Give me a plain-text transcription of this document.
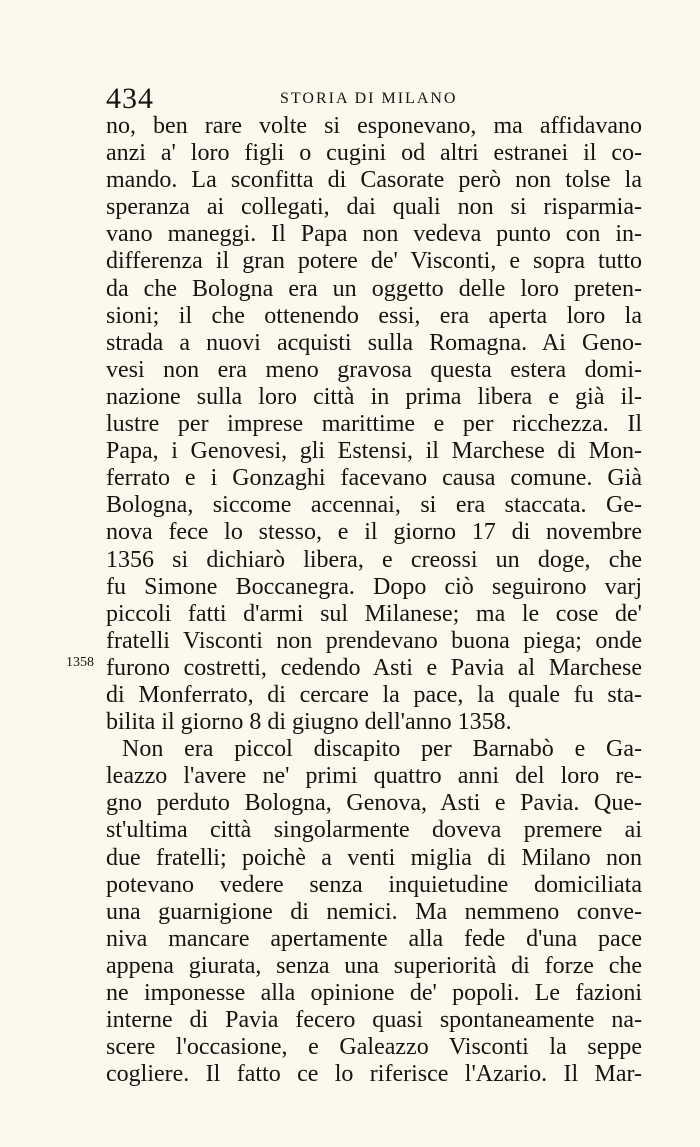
434	STORIA DI MILANO
1358
no, ben rare volte si esponevano, ma affidavano
anzi a' loro figli o cugini od altri estranei il co-
mando. La sconfitta di Casorate però non tolse la
speranza ai collegati, dai quali non si risparmia-
vano maneggi. Il Papa non vedeva punto con in-
differenza il gran potere de' Visconti, e sopra tutto
da che Bologna era un oggetto delle loro preten-
sioni; il che ottenendo essi, era aperta loro la
strada a nuovi acquisti sulla Romagna. Ai Geno-
vesi non era meno gravosa questa estera domi-
nazione sulla loro città in prima libera e già il-
lustre per imprese marittime e per ricchezza. Il
Papa, i Genovesi, gli Estensi, il Marchese di Mon-
ferrato e i Gonzaghi facevano causa comune. Già
Bologna, siccome accennai, si era staccata. Ge-
nova fece lo stesso, e il giorno 17 di novembre
1356 si dichiarò libera, e creossi un doge, che
fu Simone Boccanegra. Dopo ciò seguirono varj
piccoli fatti d'armi sul Milanese; ma le cose de'
fratelli Visconti non prendevano buona piega; onde
furono costretti, cedendo Asti e Pavia al Marchese
di Monferrato, di cercare la pace, la quale fu sta-
bilita il giorno 8 di giugno dell'anno 1358.
Non era piccol discapito per Barnabò e Ga-
leazzo l'avere ne' primi quattro anni del loro re-
gno perduto Bologna, Genova, Asti e Pavia. Que-
st'ultima città singolarmente doveva premere ai
due fratelli; poichè a venti miglia di Milano non
potevano vedere senza inquietudine domiciliata
una guarnigione di nemici. Ma nemmeno conve-
niva mancare apertamente alla fede d'una pace
appena giurata, senza una superiorità di forze che
ne imponesse alla opinione de' popoli. Le fazioni
interne di Pavia fecero quasi spontaneamente na-
scere l'occasione, e Galeazzo Visconti la seppe
cogliere. Il fatto ce lo riferisce l'Azario. Il Mar-
